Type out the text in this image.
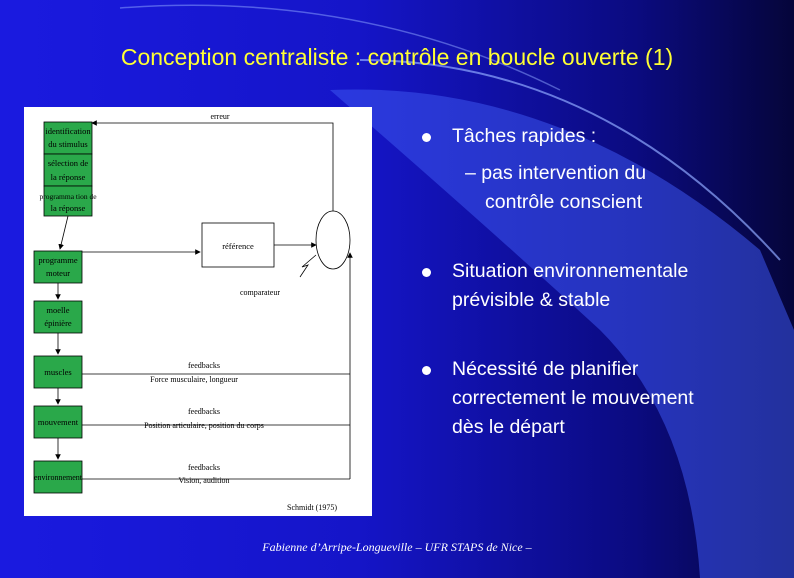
Conception centraliste : contrôle en boucle ouverte (1)
identification
du stimulus
sélection de
la réponse
programma tion de
la réponse
programme
moteur
moelle
épinière
muscles
mouvement
environnement
référence
erreur
comparateur
feedbacks
Force musculaire, longueur
feedbacks
Position articulaire, position du corps
feedbacks
Vision, audition
Schmidt (1975)
Tâches rapides :
– pas intervention du
contrôle conscient
Situation environnementale
prévisible & stable
Nécessité de planifier
correctement le mouvement
dès le départ
Fabienne d’Arripe-Longueville – UFR STAPS de Nice –
